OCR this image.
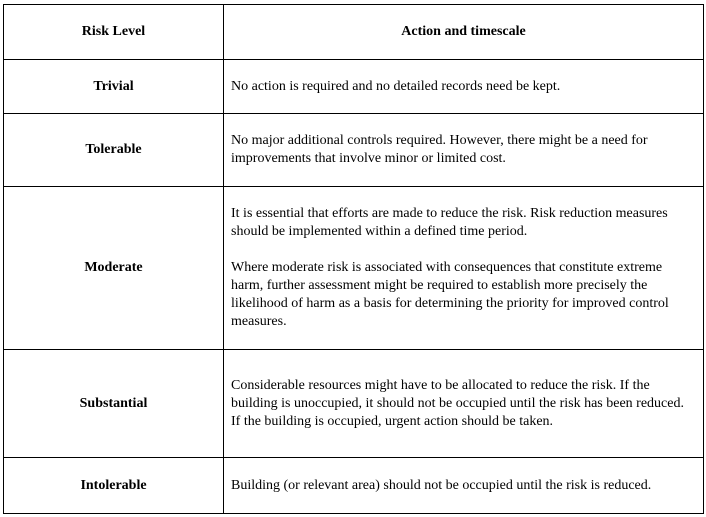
Risk Level	Action and timescale
Trivial	No action is required and no detailed records need be kept.

Tolerable	No major additional controls required. However, there might be a need for improvements that involve minor or limited cost.

Moderate	It is essential that efforts are made to reduce the risk. Risk reduction measures should be implemented within a defined time period.

Where moderate risk is associated with consequences that constitute extreme harm, further assessment might be required to establish more precisely the likelihood of harm as a basis for determining the priority for improved control measures.

Substantial	Considerable resources might have to be allocated to reduce the risk. If the building is unoccupied, it should not be occupied until the risk has been reduced. If the building is occupied, urgent action should be taken.

Intolerable	Building (or relevant area) should not be occupied until the risk is reduced.
